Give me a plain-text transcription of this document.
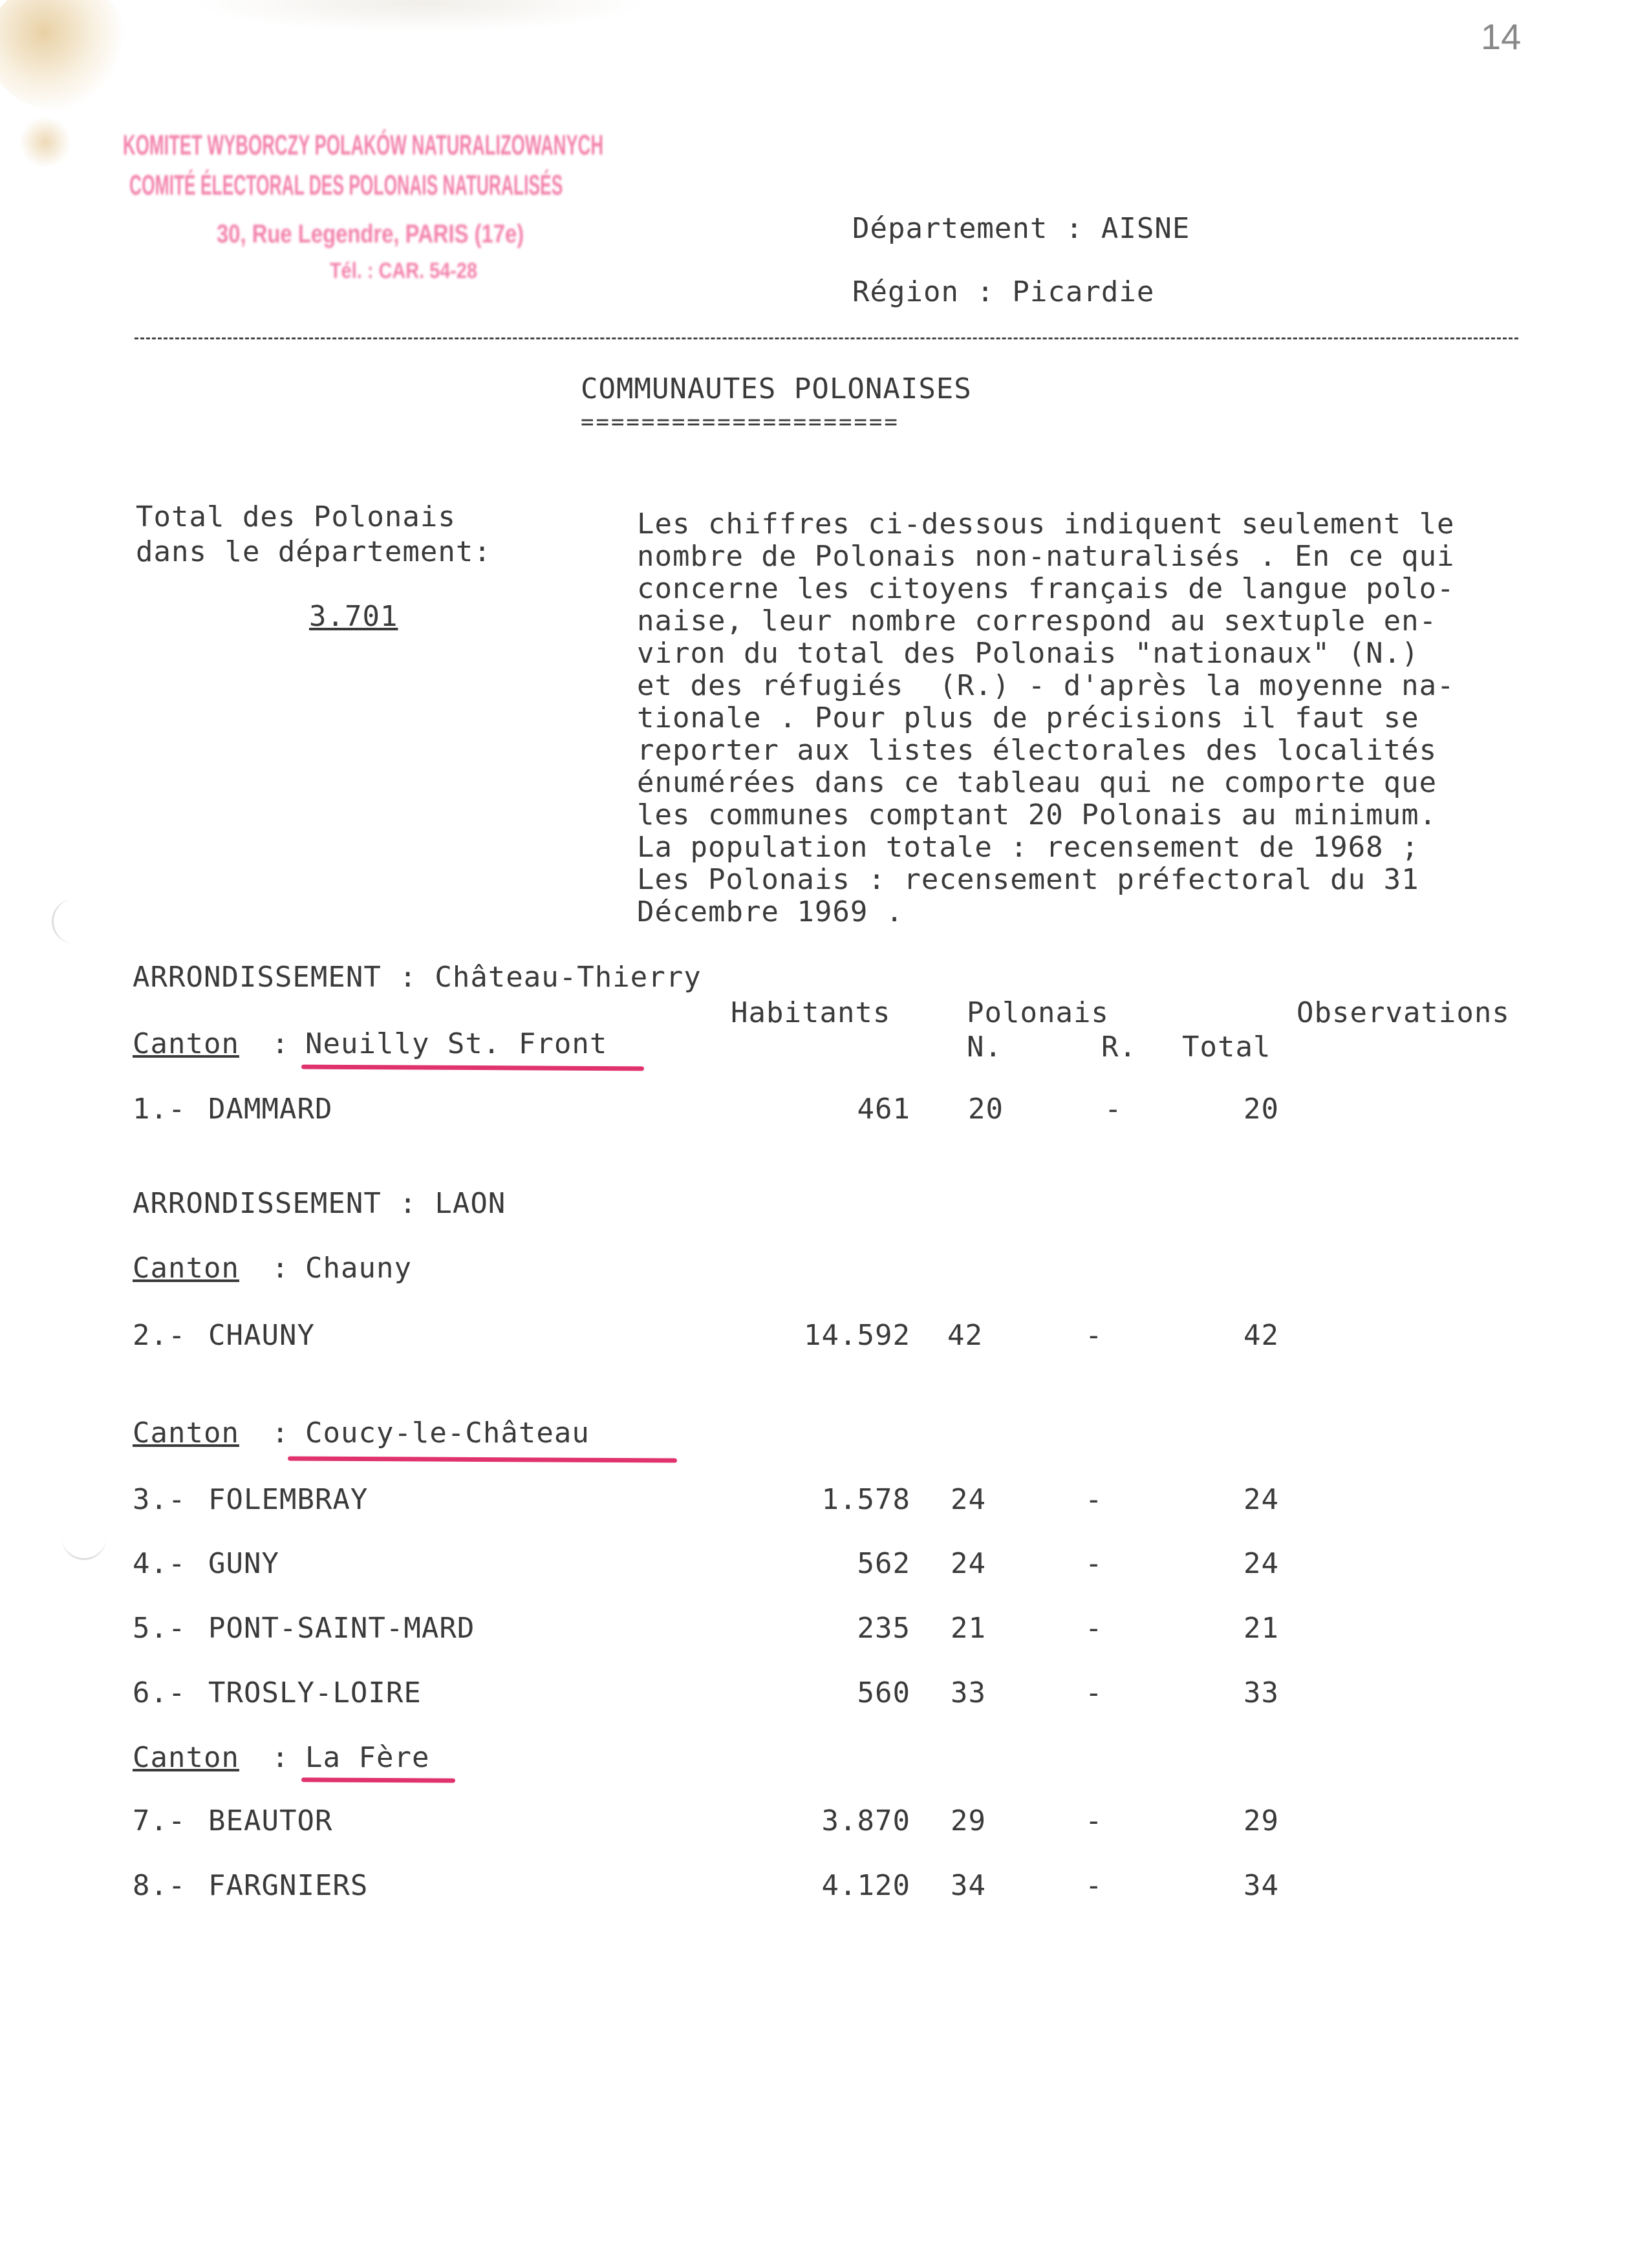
14

KOMITET WYBORCZY POLAKÓW NATURALIZOWANYCH

COMITÉ ÉLECTORAL DES POLONAIS NATURALISÉS

30, Rue Legendre, PARIS (17e)

Tél. : CAR. 54-28

Département : AISNE
Région : Picardie
COMMUNAUTES POLONAISES
=====================
Total des Polonais
dans le département:
3.701
Les chiffres ci-dessous indiquent seulement le
nombre de Polonais non-naturalisés . En ce qui
concerne les citoyens français de langue polo-
naise, leur nombre correspond au sextuple en-
viron du total des Polonais "nationaux" (N.)
et des réfugiés  (R.) - d'après la moyenne na-
tionale . Pour plus de précisions il faut se
reporter aux listes électorales des localités
énumérées dans ce tableau qui ne comporte que
les communes comptant 20 Polonais au minimum.
La population totale : recensement de 1968 ;
Les Polonais : recensement préfectoral du 31
Décembre 1969 .
ARRONDISSEMENT : Château-Thierry
Habitants	Polonais	Observations
N.	R. Total
Canton : Neuilly St. Front
1.- DAMMARD	461 20	-	20
ARRONDISSEMENT : LAON
Canton : Chauny
2.- CHAUNY	14.592 42	-	42
Canton : Coucy-le-Château
3.- FOLEMBRAY	1.578 24	-	24
4.- GUNY	562 24	-	24
5.- PONT-SAINT-MARD	235 21	-	21
6.- TROSLY-LOIRE	560 33	-	33
Canton : La Fère
7.- BEAUTOR	3.870 29	-	29
8.- FARGNIERS	4.120 34	-	34
